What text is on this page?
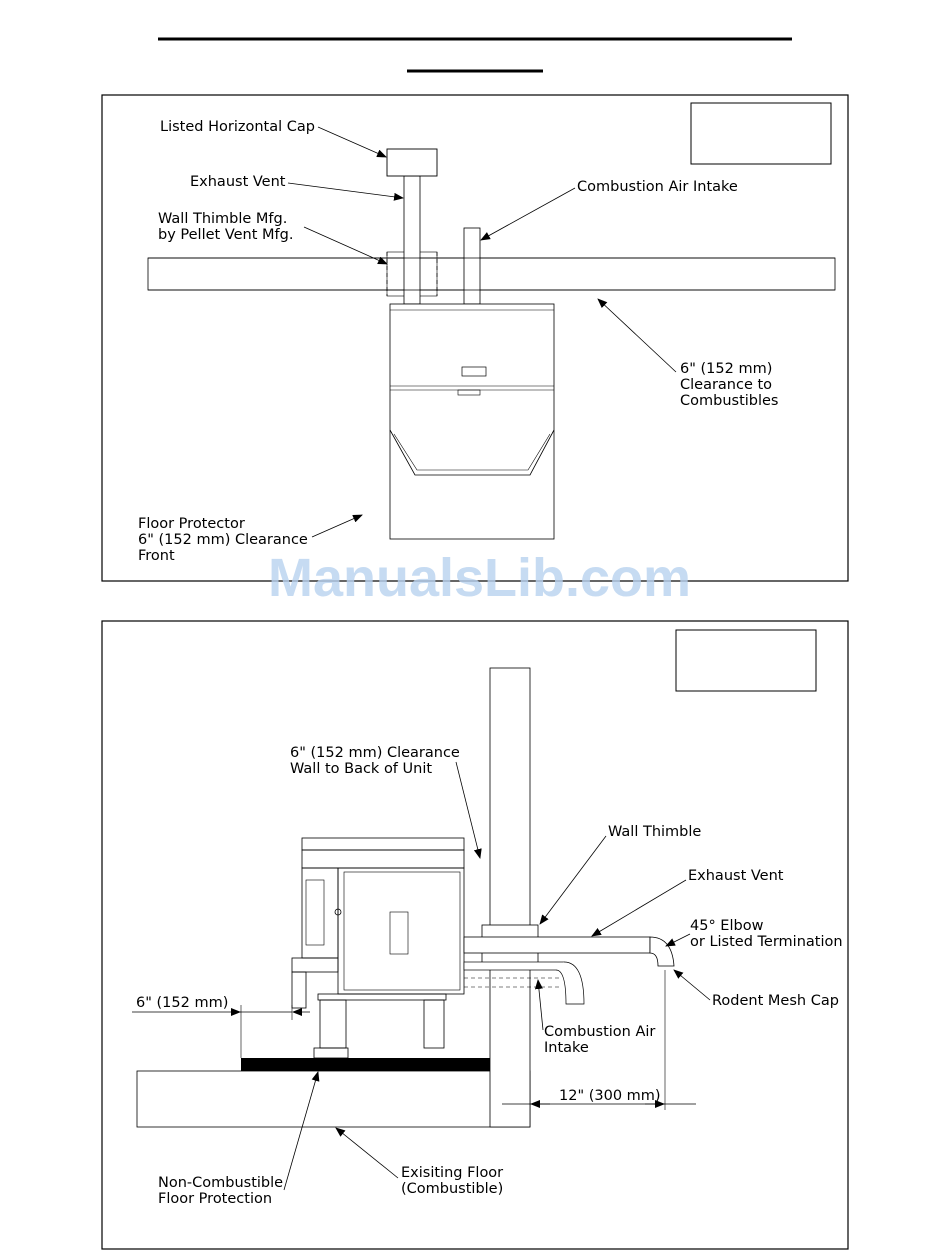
Listed Horizontal Cap
Exhaust Vent
Wall Thimble Mfg.
by Pellet Vent Mfg.
Combustion Air Intake
6" (152 mm)
Clearance to
Combustibles
Floor Protector
6" (152 mm) Clearance
Front ManualsLib.com
6" (152 mm) Clearance
Wall to Back of Unit
Wall Thimble
Exhaust Vent
45° Elbow
or Listed Termination
Rodent Mesh Cap
6" (152 mm)
Combustion Air
Intake
12" (300 mm)
Non-Combustible
Floor Protection
Exisiting Floor
(Combustible)
